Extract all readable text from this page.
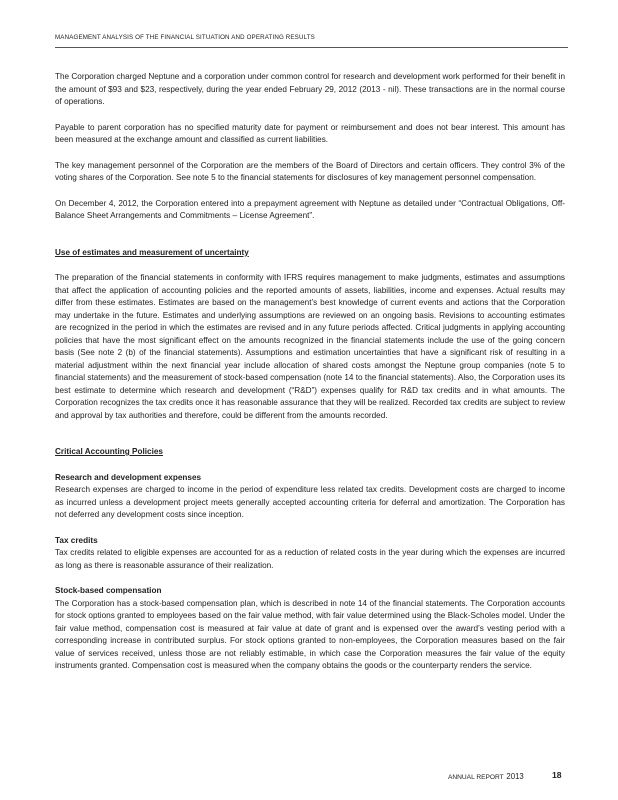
MANAGEMENT ANALYSIS OF THE FINANCIAL SITUATION AND OPERATING RESULTS

The Corporation charged Neptune and a corporation under common control for research and development work performed for their benefit in the amount of $93 and $23, respectively, during the year ended February 29, 2012 (2013 - nil). These transactions are in the normal course of operations.

Payable to parent corporation has no specified maturity date for payment or reimbursement and does not bear interest. This amount has been measured at the exchange amount and classified as current liabilities.

The key management personnel of the Corporation are the members of the Board of Directors and certain officers. They control 3% of the voting shares of the Corporation. See note 5 to the financial statements for disclosures of key management personnel compensation.

On December 4, 2012, the Corporation entered into a prepayment agreement with Neptune as detailed under “Contractual Obligations, Off-Balance Sheet Arrangements and Commitments – License Agreement”.

Use of estimates and measurement of uncertainty

The preparation of the financial statements in conformity with IFRS requires management to make judgments, estimates and assumptions that affect the application of accounting policies and the reported amounts of assets, liabilities, income and expenses. Actual results may differ from these estimates. Estimates are based on the management’s best knowledge of current events and actions that the Corporation may undertake in the future. Estimates and underlying assumptions are reviewed on an ongoing basis. Revisions to accounting estimates are recognized in the period in which the estimates are revised and in any future periods affected. Critical judgments in applying accounting policies that have the most significant effect on the amounts recognized in the financial statements include the use of the going concern basis (See note 2 (b) of the financial statements). Assumptions and estimation uncertainties that have a significant risk of resulting in a material adjustment within the next financial year include allocation of shared costs amongst the Neptune group companies (note 5 to financial statements) and the measurement of stock-based compensation (note 14 to the financial statements). Also, the Corporation uses its best estimate to determine which research and development (“R&D”) expenses qualify for R&D tax credits and in what amounts. The Corporation recognizes the tax credits once it has reasonable assurance that they will be realized. Recorded tax credits are subject to review and approval by tax authorities and therefore, could be different from the amounts recorded.

Critical Accounting Policies

Research and development expenses

Research expenses are charged to income in the period of expenditure less related tax credits. Development costs are charged to income as incurred unless a development project meets generally accepted accounting criteria for deferral and amortization. The Corporation has not deferred any development costs since inception.

Tax credits

Tax credits related to eligible expenses are accounted for as a reduction of related costs in the year during which the expenses are incurred as long as there is reasonable assurance of their realization.

Stock-based compensation

The Corporation has a stock-based compensation plan, which is described in note 14 of the financial statements. The Corporation accounts for stock options granted to employees based on the fair value method, with fair value determined using the Black-Scholes model. Under the fair value method, compensation cost is measured at fair value at date of grant and is expensed over the award’s vesting period with a corresponding increase in contributed surplus. For stock options granted to non-employees, the Corporation measures based on the fair value of services received, unless those are not reliably estimable, in which case the Corporation measures the fair value of the equity instruments granted. Compensation cost is measured when the company obtains the goods or the counterparty renders the service.

ANNUAL REPORT 2013	18
